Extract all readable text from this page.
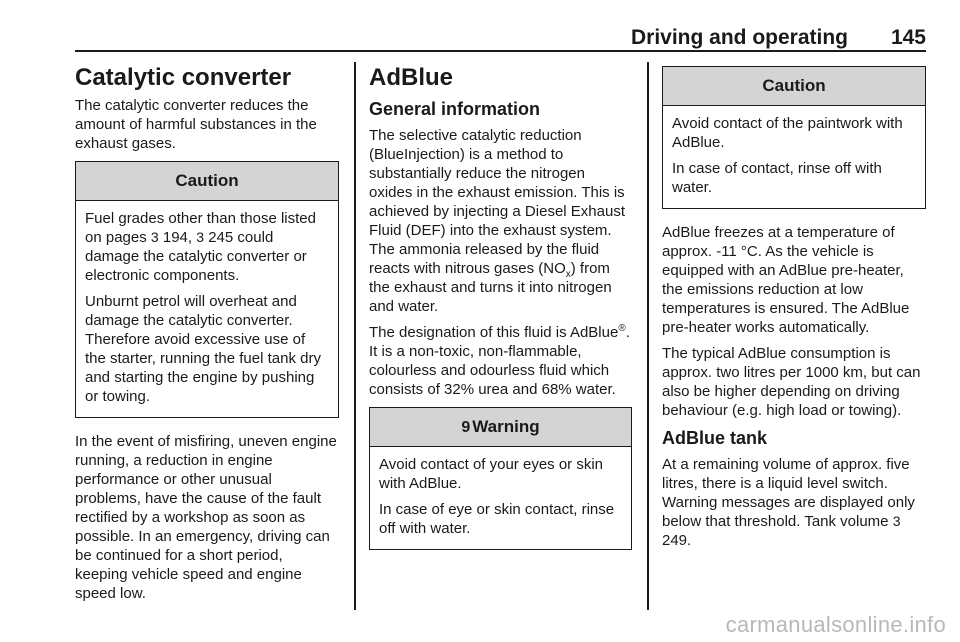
Driving and operating 145
Catalytic converter

The catalytic converter reduces the amount of harmful substances in the exhaust gases.

Caution

Fuel grades other than those listed on pages 3 194, 3 245 could damage the catalytic converter or electronic components.

Unburnt petrol will overheat and damage the catalytic converter. Therefore avoid excessive use of the starter, running the fuel tank dry and starting the engine by pushing or towing.

In the event of misfiring, uneven engine running, a reduction in engine performance or other unusual problems, have the cause of the fault rectified by a workshop as soon as possible. In an emergency, driving can be continued for a short period, keeping vehicle speed and engine speed low.

AdBlue
General information

The selective catalytic reduction (BlueInjection) is a method to substantially reduce the nitrogen oxides in the exhaust emission. This is achieved by injecting a Diesel Exhaust Fluid (DEF) into the exhaust system. The ammonia released by the fluid reacts with nitrous gases $(NO_x)$ from the exhaust and turns it into nitrogen and water.

The designation of this fluid is AdBlue®. It is a non-toxic, non-flammable, colourless and odourless fluid which consists of 32% urea and 68% water.

9 Warning

Avoid contact of your eyes or skin with AdBlue.

In case of eye or skin contact, rinse off with water.

Caution

Avoid contact of the paintwork with AdBlue.

In case of contact, rinse off with water.

AdBlue freezes at a temperature of approx. -11 °C. As the vehicle is equipped with an AdBlue pre-heater, the emissions reduction at low temperatures is ensured. The AdBlue pre-heater works automatically.

The typical AdBlue consumption is approx. two litres per 1000 km, but can also be higher depending on driving behaviour (e.g. high load or towing).

AdBlue tank

At a remaining volume of approx. five litres, there is a liquid level switch. Warning messages are displayed only below that threshold. Tank volume 3 249.

carmanualsonline.info
